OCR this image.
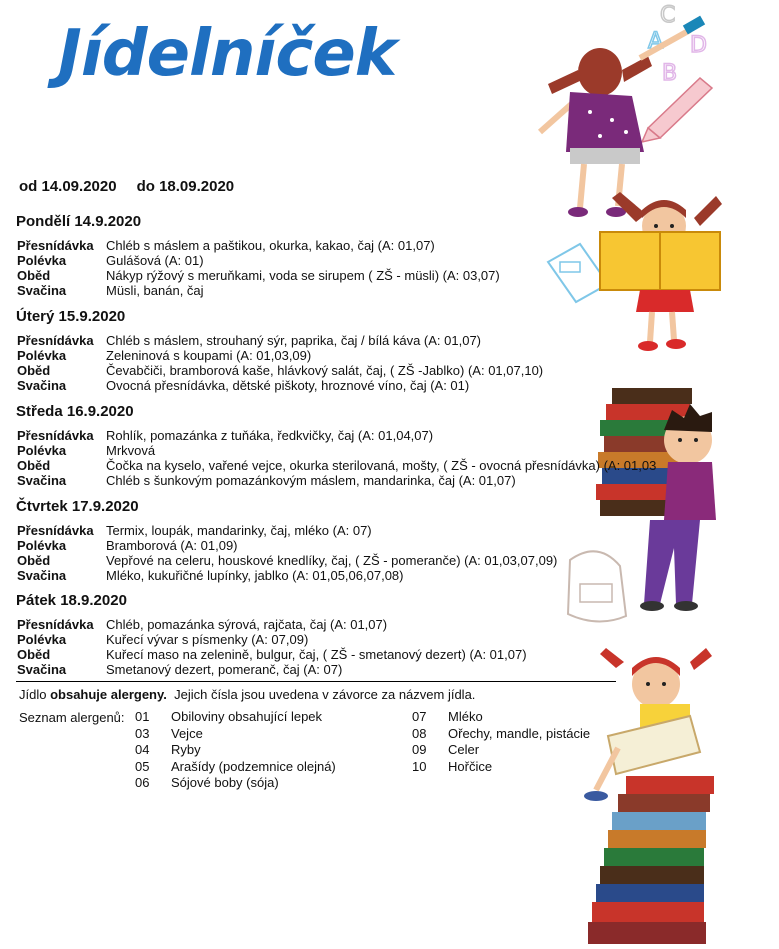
C
A D
B
Jídelníček
od 14.09.2020 do 18.09.2020
Pondělí 14.9.2020
Přesnídávka Chléb s máslem a paštikou, okurka, kakao, čaj (A: 01,07)
Polévka	Gulášová (A: 01)
Oběd	Nákyp rýžový s meruňkami, voda se sirupem ( ZŠ - müsli) (A: 03,07)
Svačina	Müsli, banán, čaj
Úterý 15.9.2020
Přesnídávka Chléb s máslem, strouhaný sýr, paprika, čaj / bílá káva (A: 01,07)
Polévka	Zeleninová s koupami (A: 01,03,09)
Oběd	Čevabčiči, bramborová kaše, hlávkový salát, čaj, ( ZŠ -Jablko) (A: 01,07,10)
Svačina	Ovocná přesnídávka, dětské piškoty, hroznové víno, čaj (A: 01)
Středa 16.9.2020
Přesnídávka Rohlík, pomazánka z tuňáka, ředkvičky, čaj (A: 01,04,07)
Polévka	Mrkvová
Oběd	Čočka na kyselo, vařené vejce, okurka sterilovaná, mošty, ( ZŠ - ovocná přesnídávka) (A: 01,03
Svačina	Chléb s šunkovým pomazánkovým máslem, mandarinka, čaj (A: 01,07)
Čtvrtek 17.9.2020
Přesnídávka Termix, loupák, mandarinky, čaj, mléko (A: 07)
Polévka	Bramborová (A: 01,09)
Oběd	Vepřové na celeru, houskové knedlíky, čaj, ( ZŠ - pomeranče) (A: 01,03,07,09)
Svačina	Mléko, kukuřičné lupínky, jablko (A: 01,05,06,07,08)
Pátek 18.9.2020
Přesnídávka Chléb, pomazánka sýrová, rajčata, čaj (A: 01,07)
Polévka	Kuřecí vývar s písmenky (A: 07,09)
Oběd	Kuřecí maso na zelenině, bulgur, čaj, ( ZŠ - smetanový dezert) (A: 01,07)
Svačina	Smetanový dezert, pomeranč, čaj (A: 07)
Jídlo obsahuje alergeny.  Jejich čísla jsou uvedena v závorce za názvem jídla.
Seznam alergenů: 01	Obiloviny obsahující lepek
03	Vejce
04	Ryby
05	Arašídy (podzemnice olejná)
06	Sójové boby (sója)
07	Mléko
08	Ořechy, mandle, pistácie
09	Celer
10	Hořčice
